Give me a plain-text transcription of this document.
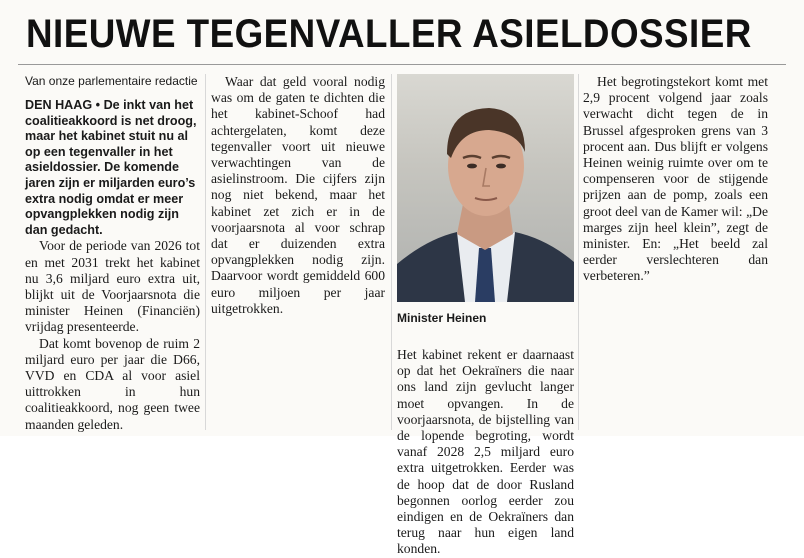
NIEUWE TEGENVALLER ASIELDOSSIER

Van onze parlementaire redactie

DEN HAAG • De inkt van het coalitieakkoord is net droog, maar het kabinet stuit nu al op een tegenvaller in het asieldossier. De komende jaren zijn er miljarden euro’s extra nodig omdat er meer opvangplekken nodig zijn dan gedacht.

Voor de periode van 2026 tot en met 2031 trekt het kabinet nu 3,6 miljard euro extra uit, blijkt uit de Voorjaarsnota die minister Heinen (Financiën) vrijdag presenteerde.

Dat komt bovenop de ruim 2 miljard euro per jaar die D66, VVD en CDA al voor asiel uittrokken in hun coalitieakkoord, nog geen twee maanden geleden.

Waar dat geld vooral nodig was om de gaten te dichten die het kabinet-Schoof had achtergelaten, komt deze tegenvaller voort uit nieuwe verwachtingen van de asielinstroom. Die cijfers zijn nog niet bekend, maar het kabinet zet zich er in de voorjaarsnota al voor schrap dat er duizenden extra opvangplekken nodig zijn. Daarvoor wordt gemiddeld 600 euro miljoen per jaar uitgetrokken.

Minister Heinen

Het kabinet rekent er daarnaast op dat het Oekraïners die naar ons land zijn gevlucht langer moet opvangen. In de voorjaarsnota, de bijstelling van de lopende begroting, wordt vanaf 2028 2,5 miljard euro extra uitgetrokken. Eerder was de hoop dat de door Rusland begonnen oorlog eerder zou eindigen en de Oekraïners dan terug naar hun eigen land konden.

Het begrotingstekort komt met 2,9 procent volgend jaar zoals verwacht dicht tegen de in Brussel afgesproken grens van 3 procent aan. Dus blijft er volgens Heinen weinig ruimte over om te compenseren voor de stijgende prijzen aan de pomp, zoals een groot deel van de Kamer wil: „De marges zijn heel klein”, zegt de minister. En: „Het beeld zal eerder verslechteren dan verbeteren.”
